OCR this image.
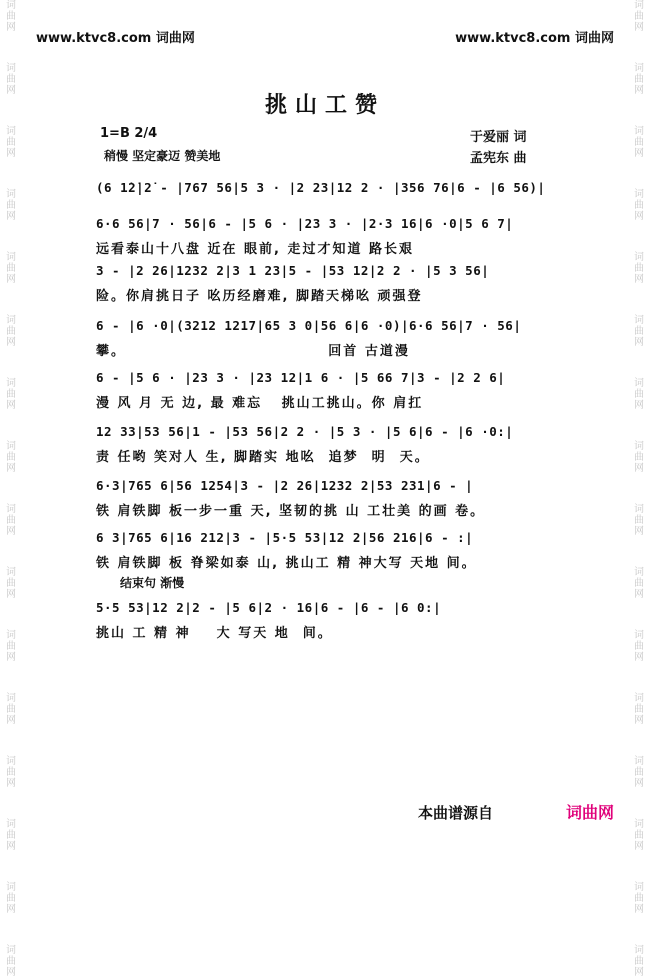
词
曲
网
词
曲
网
词
曲
网
词
曲
网
词
曲
网
词
曲
网
词
曲
网
词
曲
网
词
曲
网
词
曲
网
词
曲
网
词
曲
网
词
曲
网
词
曲
网
词
曲
网
词
曲
网
词
曲
网
词
曲
网
词
曲
网
词
曲
网
词
曲
网
词
曲
网
词
曲
网
词
曲
网
词
曲
网
词
曲
网
词
曲
网
词
曲
网
词
曲
网
词
曲
网
词
曲
网
词
曲
网
www.ktvc8.com 词曲网	www.ktvc8.com 词曲网
挑山工赞
1=B 2/4
稍慢 坚定豪迈 赞美地
于爱丽 词
孟宪东 曲
(6 1̇2̇|2̇ - |767 56|5 3 · |2 23|12 2 · |356 76|6 - |6 56)|
6·6 56|7 · 56|6 - |5 6 · |23 3 · |2·3 16|6 ·0|5 6 7|
远看泰山十八盘 近在 眼前, 走过才知道 路长艰
3 - |2 26|1232 2|3 1 23|5 - |53 12|2 2 · |5 3 56|
险。你肩挑日子 吆历经磨难, 脚踏天梯吆 顽强登
6 - |6 ·0|(3212 1217|65 3 0|56 6|6 ·0)|6·6 56|7 · 56|
攀。                               回首 古道漫
6 - |5 6 · |23 3 · |23 12|1 6 · |5 66 7|3 - |2 2 6|
漫 风 月 无 边, 最 难忘   挑山工挑山。你 肩扛
12 33|53 56|1 - |53 56|2 2 · |5 3 · |5 6|6 - |6 ·0:|
责 任哟 笑对人 生, 脚踏实 地吆  追梦  明  天。
6·3|765 6|56 1254|3 - |2 26|1232 2|53 231|6 - |
铁 肩铁脚 板一步一重 天, 坚韧的挑 山 工壮美 的画 卷。
6 3|765 6|16 212|3 - |5·5 53|12 2|56 216|6 - :|
铁 肩铁脚 板 脊梁如泰 山, 挑山工 精 神大写 天地 间。
结束句 渐慢
5·5 53|12 2|2 - |5 6|2 · 16|6 - |6 - |6 0:|
挑山 工 精 神    大 写天 地  间。
本曲谱源自	词曲网
